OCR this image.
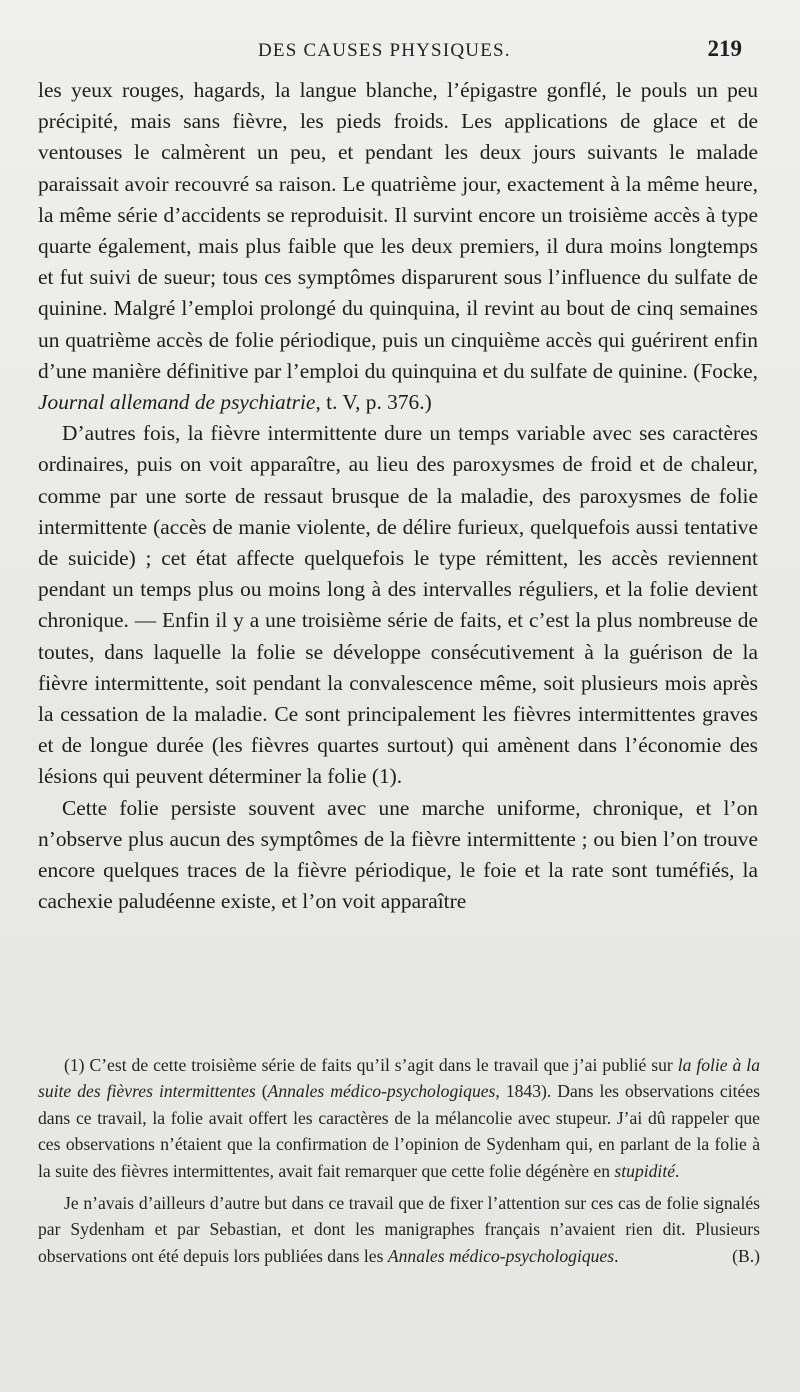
DES CAUSES PHYSIQUES.	219

les yeux rouges, hagards, la langue blanche, l’épigastre gonflé, le pouls un peu précipité, mais sans fièvre, les pieds froids. Les applications de glace et de ventouses le calmèrent un peu, et pendant les deux jours suivants le malade paraissait avoir recouvré sa raison. Le quatrième jour, exactement à la même heure, la même série d’accidents se reproduisit. Il survint encore un troisième accès à type quarte également, mais plus faible que les deux premiers, il dura moins longtemps et fut suivi de sueur; tous ces symptômes disparurent sous l’influence du sulfate de quinine. Malgré l’emploi prolongé du quinquina, il revint au bout de cinq semaines un quatrième accès de folie périodique, puis un cinquième accès qui guérirent enfin d’une manière définitive par l’emploi du quinquina et du sulfate de quinine. (Focke, Journal allemand de psychiatrie, t. V, p. 376.)

D’autres fois, la fièvre intermittente dure un temps variable avec ses caractères ordinaires, puis on voit apparaître, au lieu des paroxysmes de froid et de chaleur, comme par une sorte de ressaut brusque de la maladie, des paroxysmes de folie intermittente (accès de manie violente, de délire furieux, quelquefois aussi tentative de suicide) ; cet état affecte quelquefois le type rémittent, les accès reviennent pendant un temps plus ou moins long à des intervalles réguliers, et la folie devient chronique. — Enfin il y a une troisième série de faits, et c’est la plus nombreuse de toutes, dans laquelle la folie se développe consécutivement à la guérison de la fièvre intermittente, soit pendant la convalescence même, soit plusieurs mois après la cessation de la maladie. Ce sont principalement les fièvres intermittentes graves et de longue durée (les fièvres quartes surtout) qui amènent dans l’économie des lésions qui peuvent déterminer la folie (1).

Cette folie persiste souvent avec une marche uniforme, chronique, et l’on n’observe plus aucun des symptômes de la fièvre intermittente ; ou bien l’on trouve encore quelques traces de la fièvre périodique, le foie et la rate sont tuméfiés, la cachexie paludéenne existe, et l’on voit apparaître

(1) C’est de cette troisième série de faits qu’il s’agit dans le travail que j’ai publié sur la folie à la suite des fièvres intermittentes (Annales médico-psychologiques, 1843). Dans les observations citées dans ce travail, la folie avait offert les caractères de la mélancolie avec stupeur. J’ai dû rappeler que ces observations n’étaient que la confirmation de l’opinion de Sydenham qui, en parlant de la folie à la suite des fièvres intermittentes, avait fait remarquer que cette folie dégénère en stupidité.

Je n’avais d’ailleurs d’autre but dans ce travail que de fixer l’attention sur ces cas de folie signalés par Sydenham et par Sebastian, et dont les manigraphes français n’avaient rien dit. Plusieurs observations ont été depuis lors publiées dans les Annales médico-psychologiques.	(B.)
